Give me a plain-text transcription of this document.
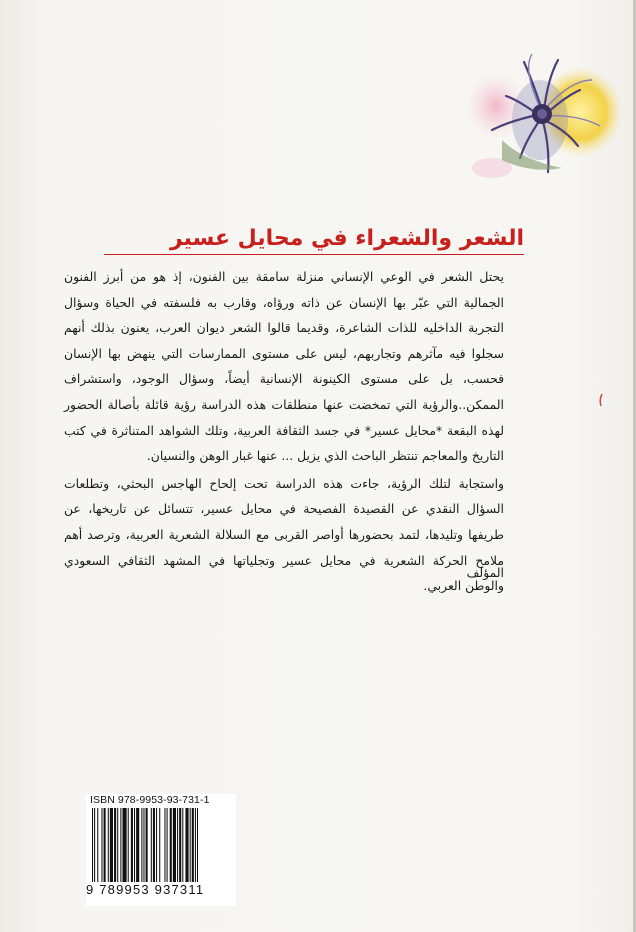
الشعر والشعراء في محايل عسير

يحتل الشعر في الوعي الإنساني منزلة سامقة بين الفنون، إذ هو من أبرز الفنون الجمالية التي عبّر بها الإنسان عن ذاته ورؤاه، وقارب به فلسفته في الحياة وسؤال التجربة الداخليه للذات الشاعرة، وقديما قالوا الشعر ديوان العرب، يعنون بذلك أنهم سجلوا فيه مآثرهم وتجاربهم، ليس على مستوى الممارسات التي ينهض بها الإنسان فحسب، بل على مستوى الكينونة الإنسانية أيضاً، وسؤال الوجود، واستشراف الممكن..والرؤية التي تمخضت عنها منطلقات هذه الدراسة رؤية قائلة بأصالة الحضور لهذه البقعة *محايل عسير* في جسد الثقافة العربية، وتلك الشواهد المتناثرة في كتب التاريخ والمعاجم تنتظر الباحث الذي يزيل ... عنها غبار الوهن والنسيان.

واستجابة لتلك الرؤية، جاءت هذه الدراسة تحت إلحاح الهاجس البحثي، وتطلعات السؤال النقدي عن القصيدة الفصيحة في محايل عسير، تتسائل عن تاريخها، عن طريفها وتليدها، لتمد بحضورها أواصر القربى مع السلالة الشعرية العربية، وترصد أهم ملامح الحركة الشعرية في محايل عسير وتجلياتها في المشهد الثقافي السعودي والوطن العربي.

المؤلف
ISBN 978-9953-93-731-1
9 789953 937311
